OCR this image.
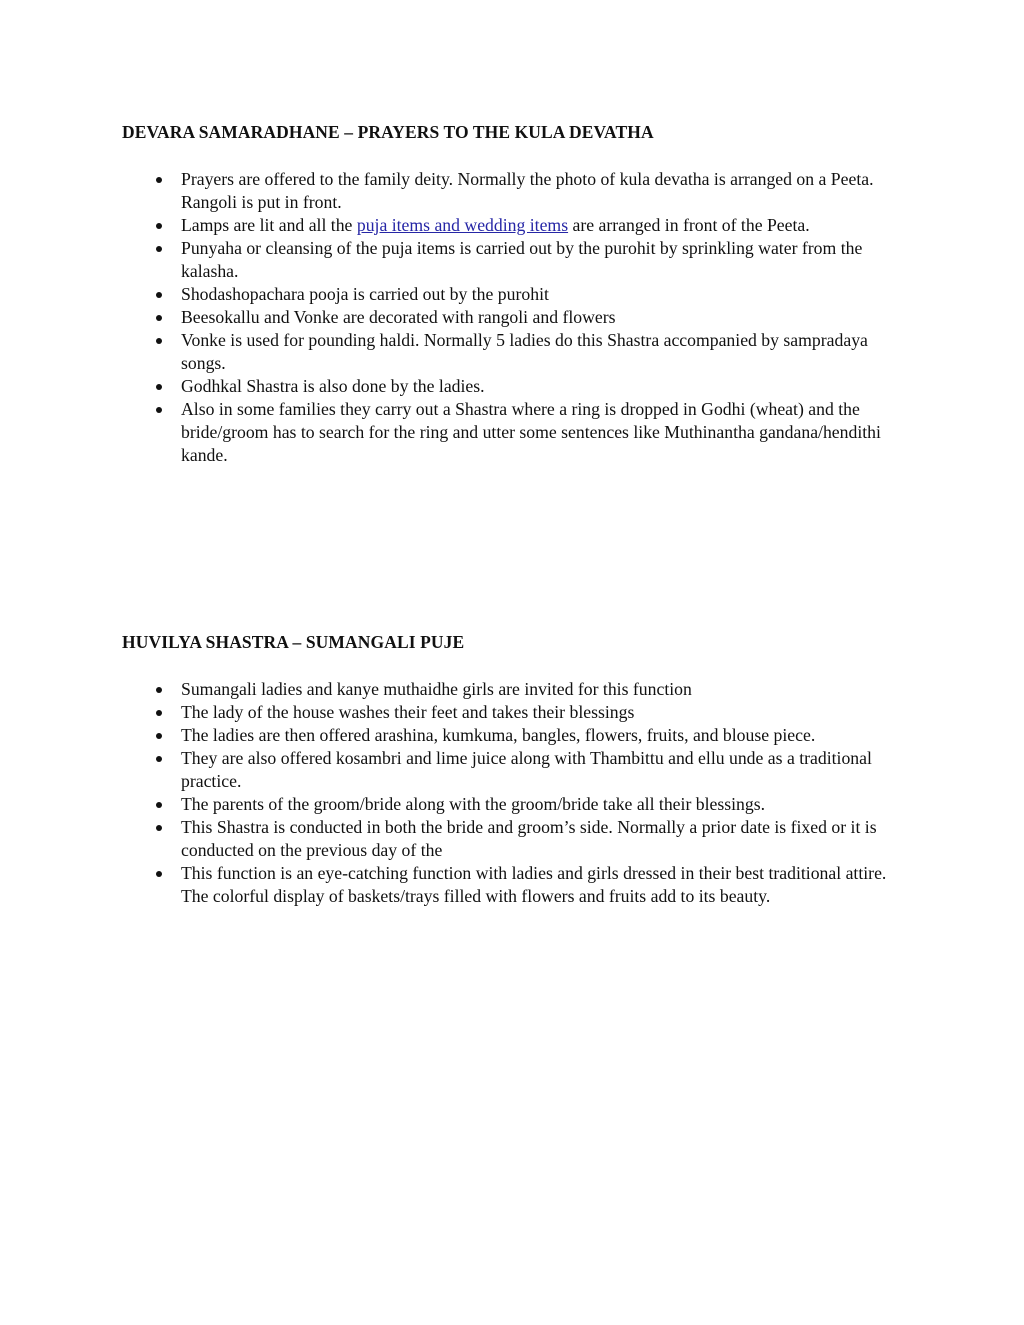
DEVARA SAMARADHANE – PRAYERS TO THE KULA DEVATHA
Prayers are offered to the family deity. Normally the photo of kula devatha is arranged on a Peeta. Rangoli is put in front.
Lamps are lit and all the puja items and wedding items are arranged in front of the Peeta.
Punyaha or cleansing of the puja items is carried out by the purohit by sprinkling water from the kalasha.
Shodashopachara pooja is carried out by the purohit
Beesokallu and Vonke are decorated with rangoli and flowers
Vonke is used for pounding haldi. Normally 5 ladies do this Shastra accompanied by sampradaya songs.
Godhkal Shastra is also done by the ladies.
Also in some families they carry out a Shastra where a ring is dropped in Godhi (wheat) and the bride/groom has to search for the ring and utter some sentences like Muthinantha gandana/hendithi kande.
HUVILYA SHASTRA – SUMANGALI PUJE
Sumangali ladies and kanye muthaidhe girls are invited for this function
The lady of the house washes their feet and takes their blessings
The ladies are then offered arashina, kumkuma, bangles, flowers, fruits, and blouse piece.
They are also offered kosambri and lime juice along with Thambittu and ellu unde as a traditional practice.
The parents of the groom/bride along with the groom/bride take all their blessings.
This Shastra is conducted in both the bride and groom’s side. Normally a prior date is fixed or it is conducted on the previous day of the
This function is an eye-catching function with ladies and girls dressed in their best traditional attire. The colorful display of baskets/trays filled with flowers and fruits add to its beauty.
